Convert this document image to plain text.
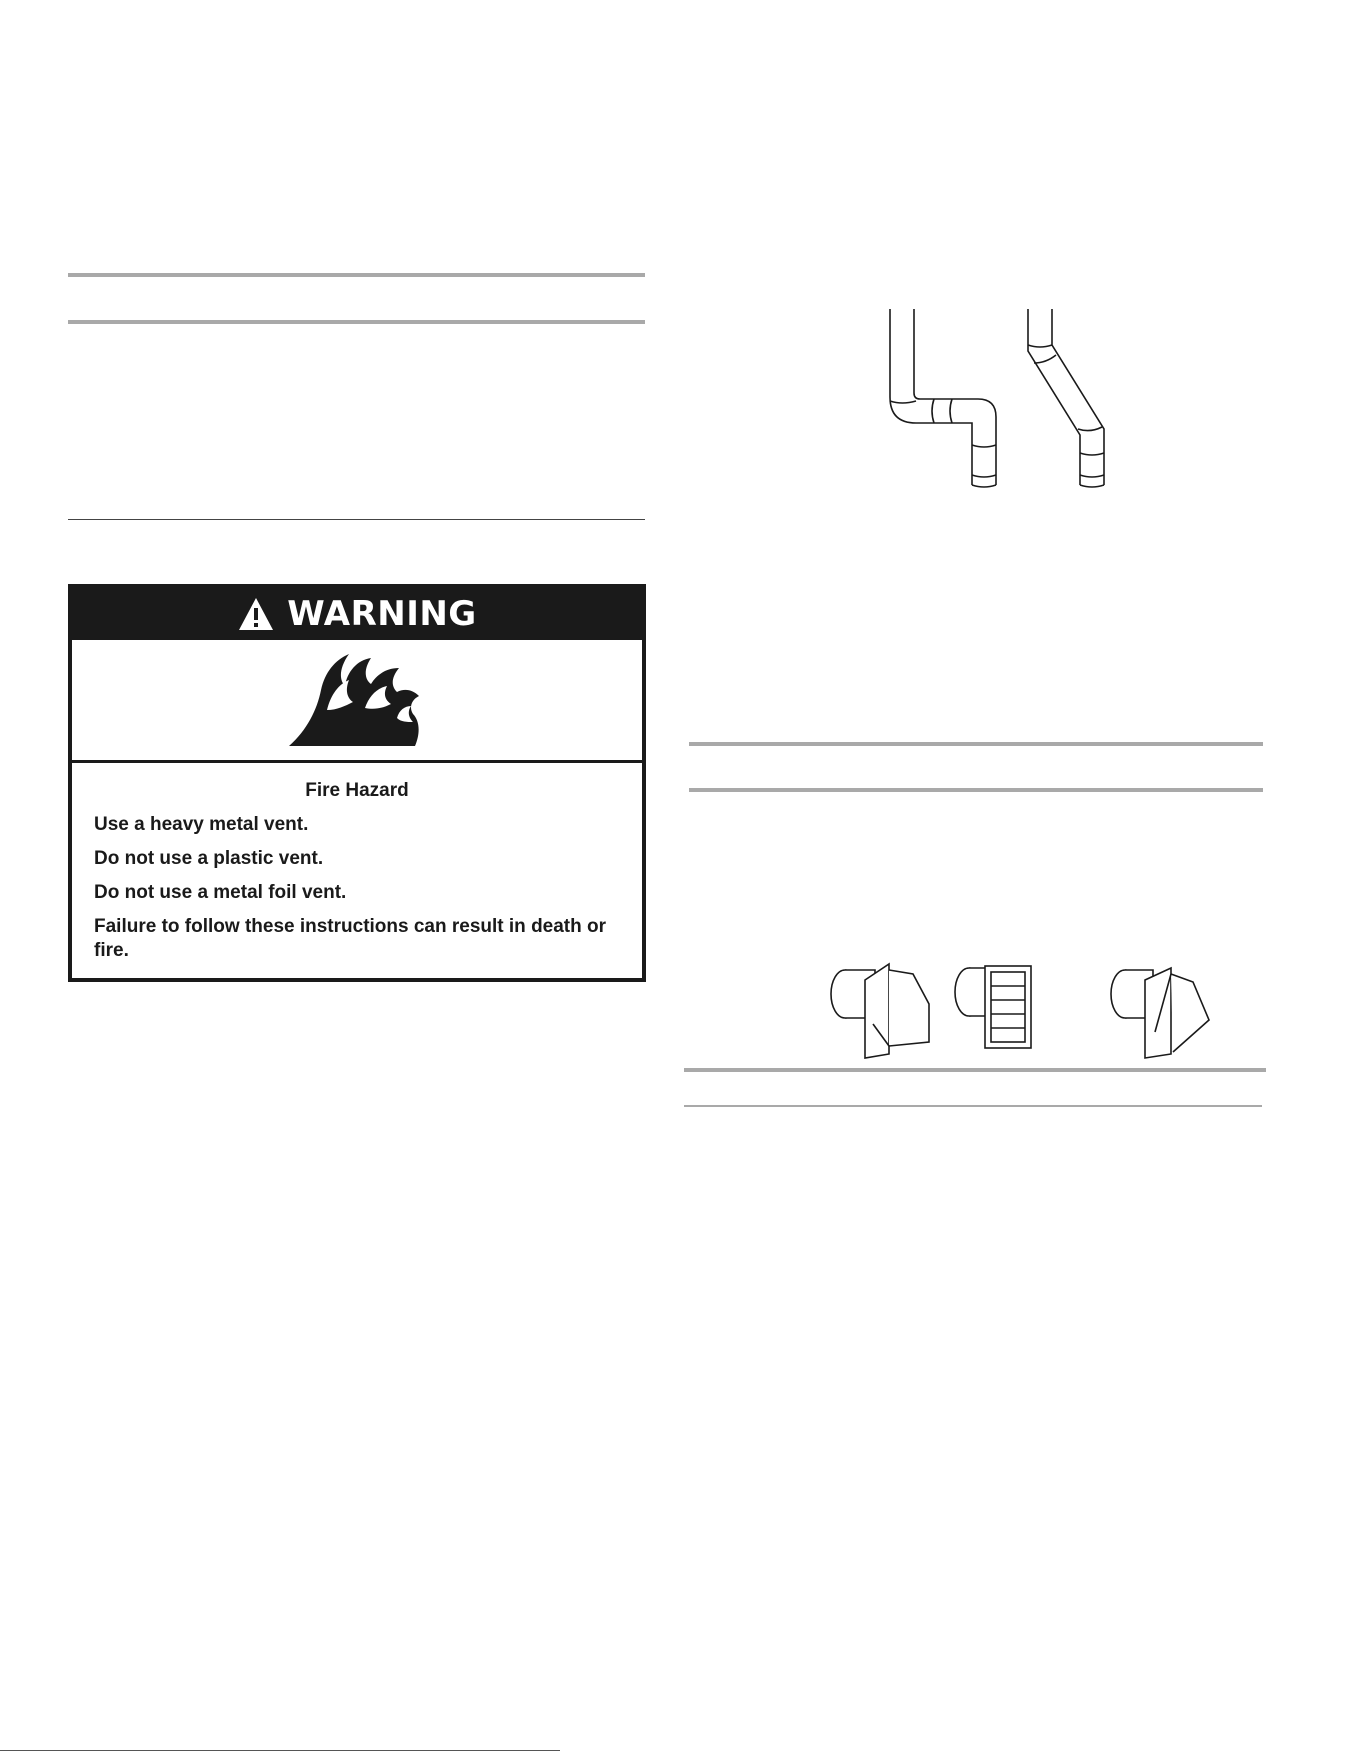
WARNING
Fire Hazard
Use a heavy metal vent.
Do not use a plastic vent.
Do not use a metal foil vent.
Failure to follow these instructions can result in death or fire.
